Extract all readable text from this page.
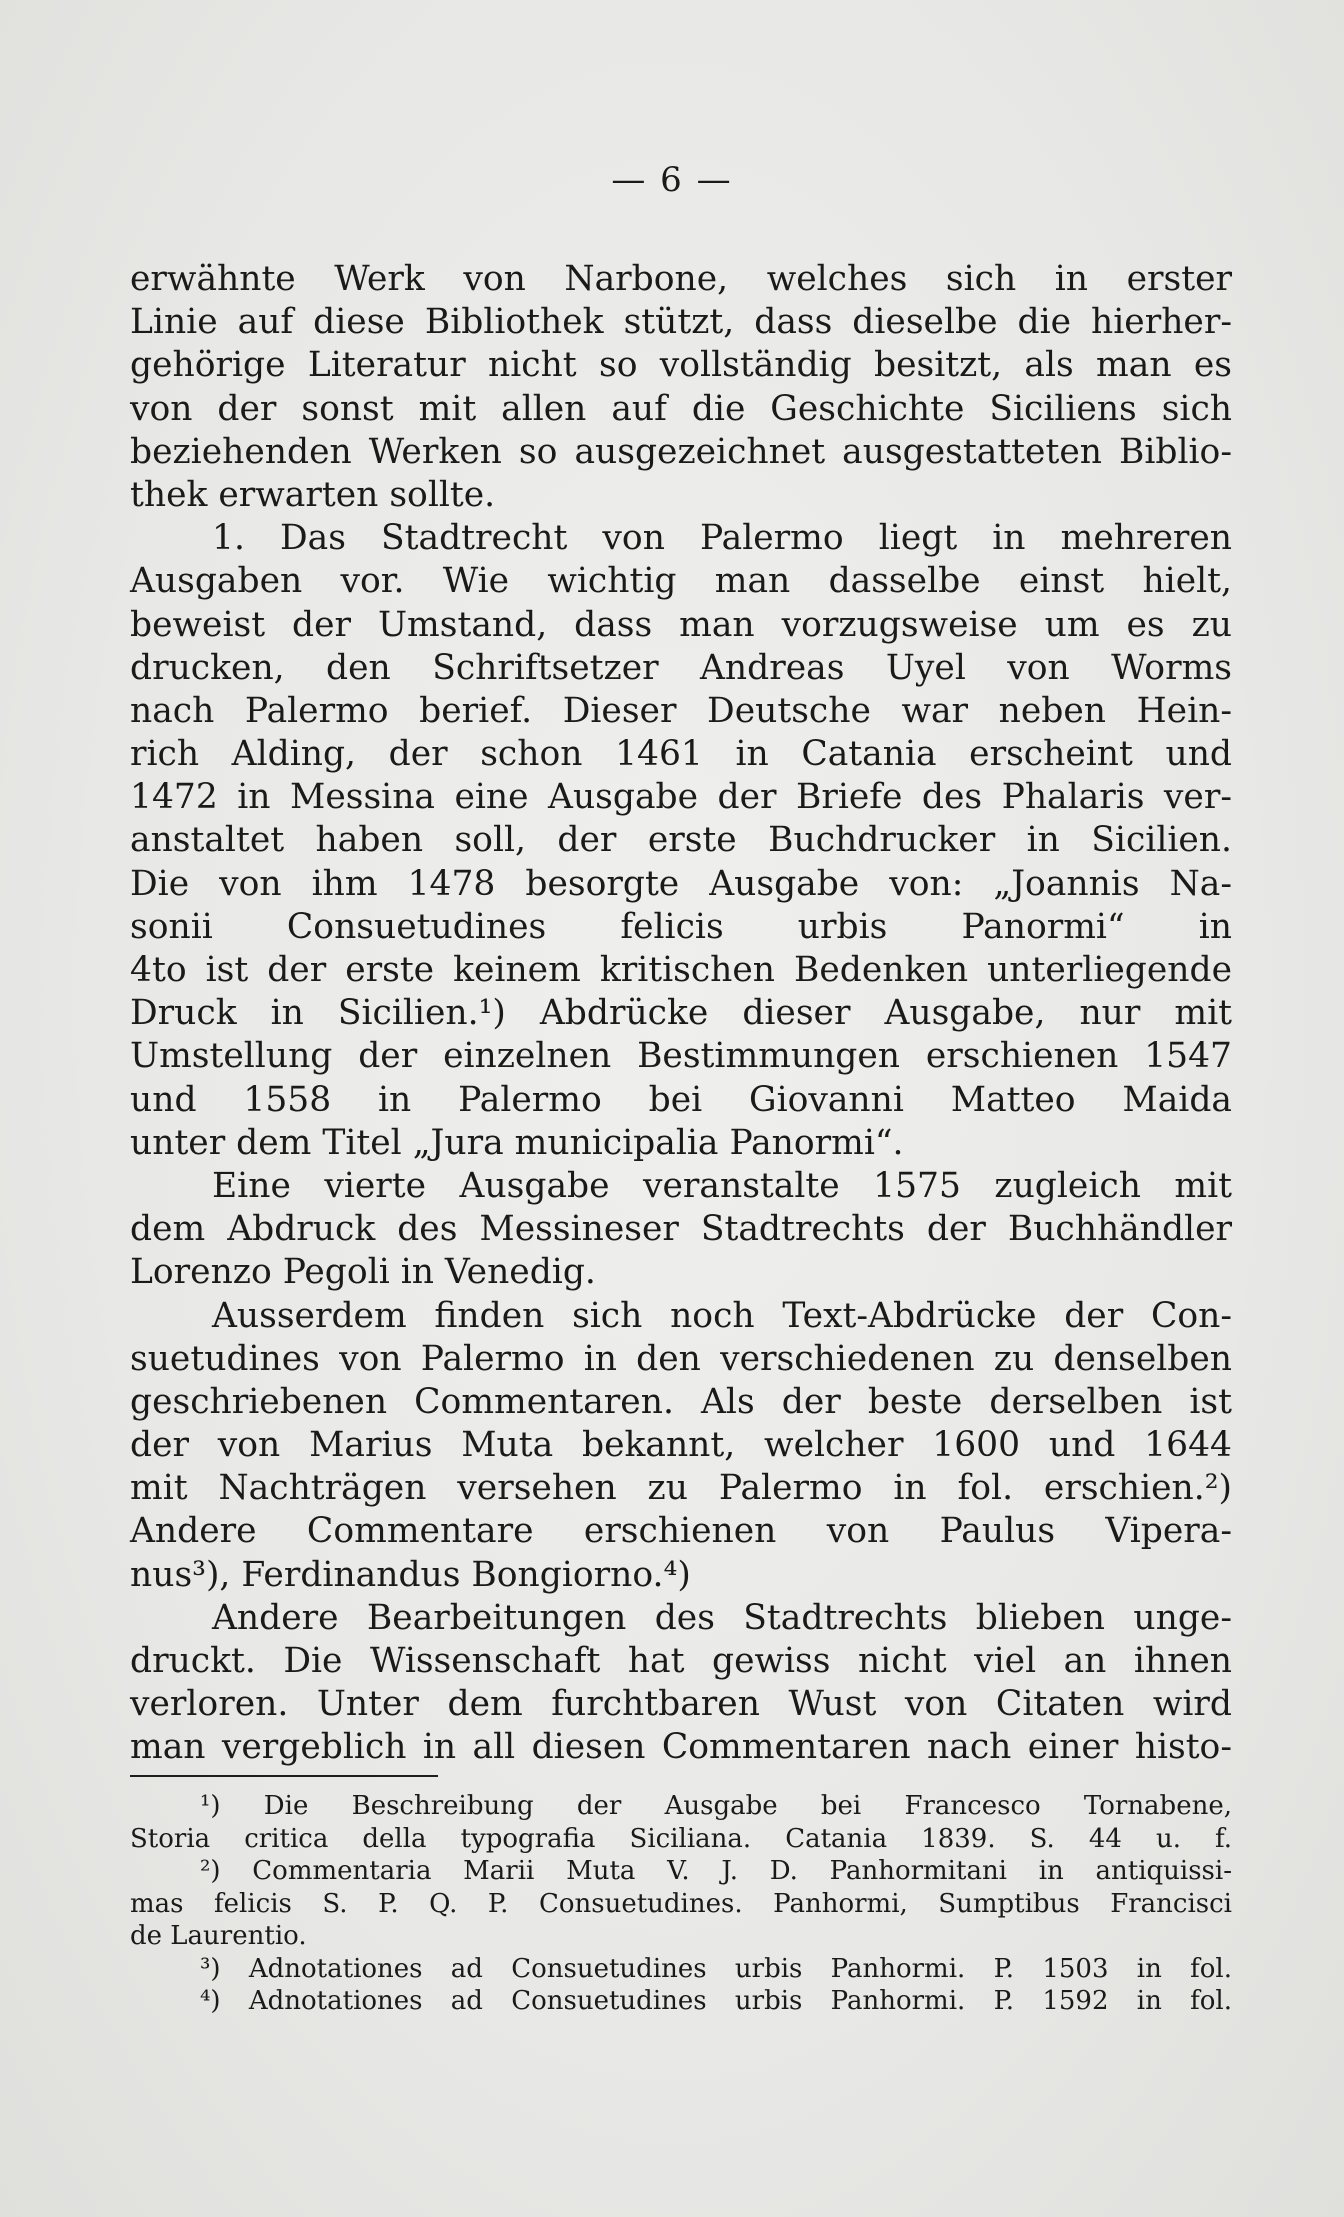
— 6 —
erwähnte Werk von Narbone, welches sich in erster
Linie auf diese Bibliothek stützt, dass dieselbe die hierher-
gehörige Literatur nicht so vollständig besitzt, als man es
von der sonst mit allen auf die Geschichte Siciliens sich
beziehenden Werken so ausgezeichnet ausgestatteten Biblio-
thek erwarten sollte.
1. Das Stadtrecht von Palermo liegt in mehreren
Ausgaben vor. Wie wichtig man dasselbe einst hielt,
beweist der Umstand, dass man vorzugsweise um es zu
drucken, den Schriftsetzer Andreas Uyel von Worms
nach Palermo berief. Dieser Deutsche war neben Hein-
rich Alding, der schon 1461 in Catania erscheint und
1472 in Messina eine Ausgabe der Briefe des Phalaris ver-
anstaltet haben soll, der erste Buchdrucker in Sicilien.
Die von ihm 1478 besorgte Ausgabe von: „Joannis Na-
sonii Consuetudines felicis urbis Panormi“ in
4to ist der erste keinem kritischen Bedenken unterliegende
Druck in Sicilien.¹) Abdrücke dieser Ausgabe, nur mit
Umstellung der einzelnen Bestimmungen erschienen 1547
und 1558 in Palermo bei Giovanni Matteo Maida
unter dem Titel „Jura municipalia Panormi“.
Eine vierte Ausgabe veranstalte 1575 zugleich mit
dem Abdruck des Messineser Stadtrechts der Buchhändler
Lorenzo Pegoli in Venedig.
Ausserdem finden sich noch Text-Abdrücke der Con-
suetudines von Palermo in den verschiedenen zu denselben
geschriebenen Commentaren. Als der beste derselben ist
der von Marius Muta bekannt, welcher 1600 und 1644
mit Nachträgen versehen zu Palermo in fol. erschien.²)
Andere Commentare erschienen von Paulus Vipera-
nus³), Ferdinandus Bongiorno.⁴)
Andere Bearbeitungen des Stadtrechts blieben unge-
druckt. Die Wissenschaft hat gewiss nicht viel an ihnen
verloren. Unter dem furchtbaren Wust von Citaten wird
man vergeblich in all diesen Commentaren nach einer histo-
¹) Die Beschreibung der Ausgabe bei Francesco Tornabene,
Storia critica della typografia Siciliana. Catania 1839. S. 44 u. f.
²) Commentaria Marii Muta V. J. D. Panhormitani in antiquissi-
mas felicis S. P. Q. P. Consuetudines. Panhormi, Sumptibus Francisci
de Laurentio.
³) Adnotationes ad Consuetudines urbis Panhormi. P. 1503 in fol.
⁴) Adnotationes ad Consuetudines urbis Panhormi. P. 1592 in fol.
